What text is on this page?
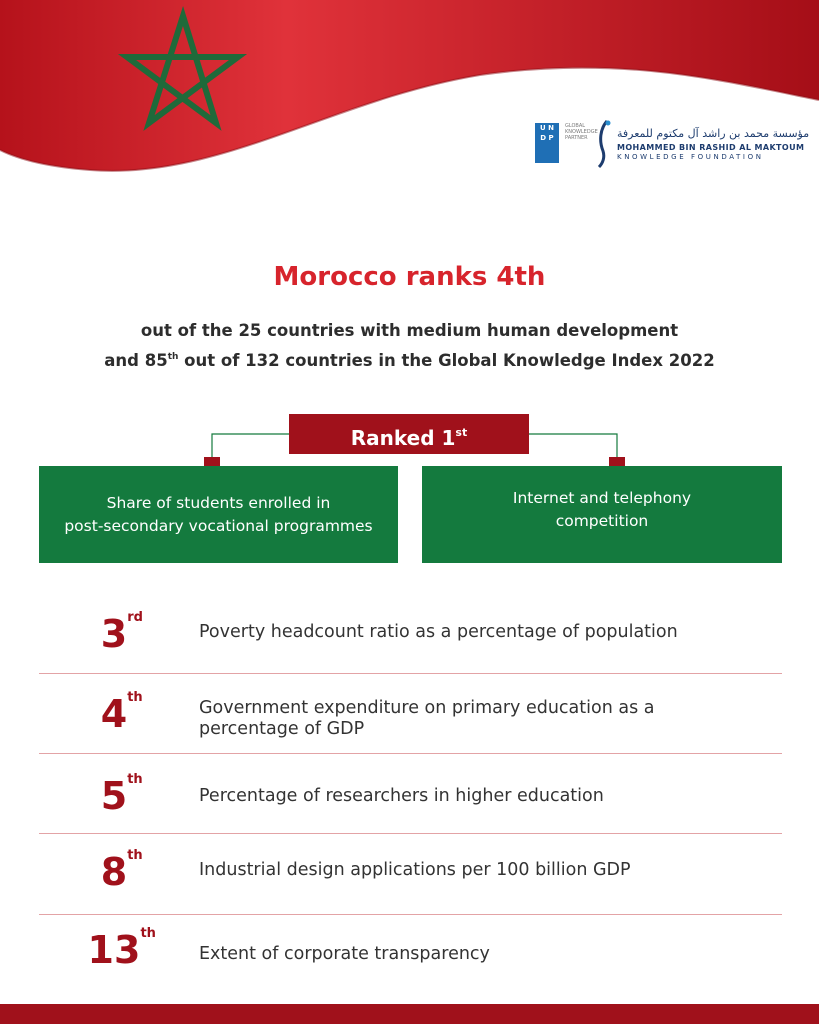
U N
D P
GLOBAL KNOWLEDGE PARTNER	مؤسسة محمد بن راشد آل مكتوم للمعرفة
MOHAMMED BIN RASHID AL MAKTOUM
KNOWLEDGE FOUNDATION
Morocco ranks 4th
out of the 25 countries with medium human development
and 85th out of 132 countries in the Global Knowledge Index 2022
Ranked 1st
Share of students enrolled in
post-secondary vocational programmes
Internet and telephony
competition
3 rd
Poverty headcount ratio as a percentage of population
4 th
Government expenditure on primary education as a percentage of GDP
5 th
Percentage of researchers in higher education
8 th
Industrial design applications per 100 billion GDP
13 th
Extent of corporate transparency
